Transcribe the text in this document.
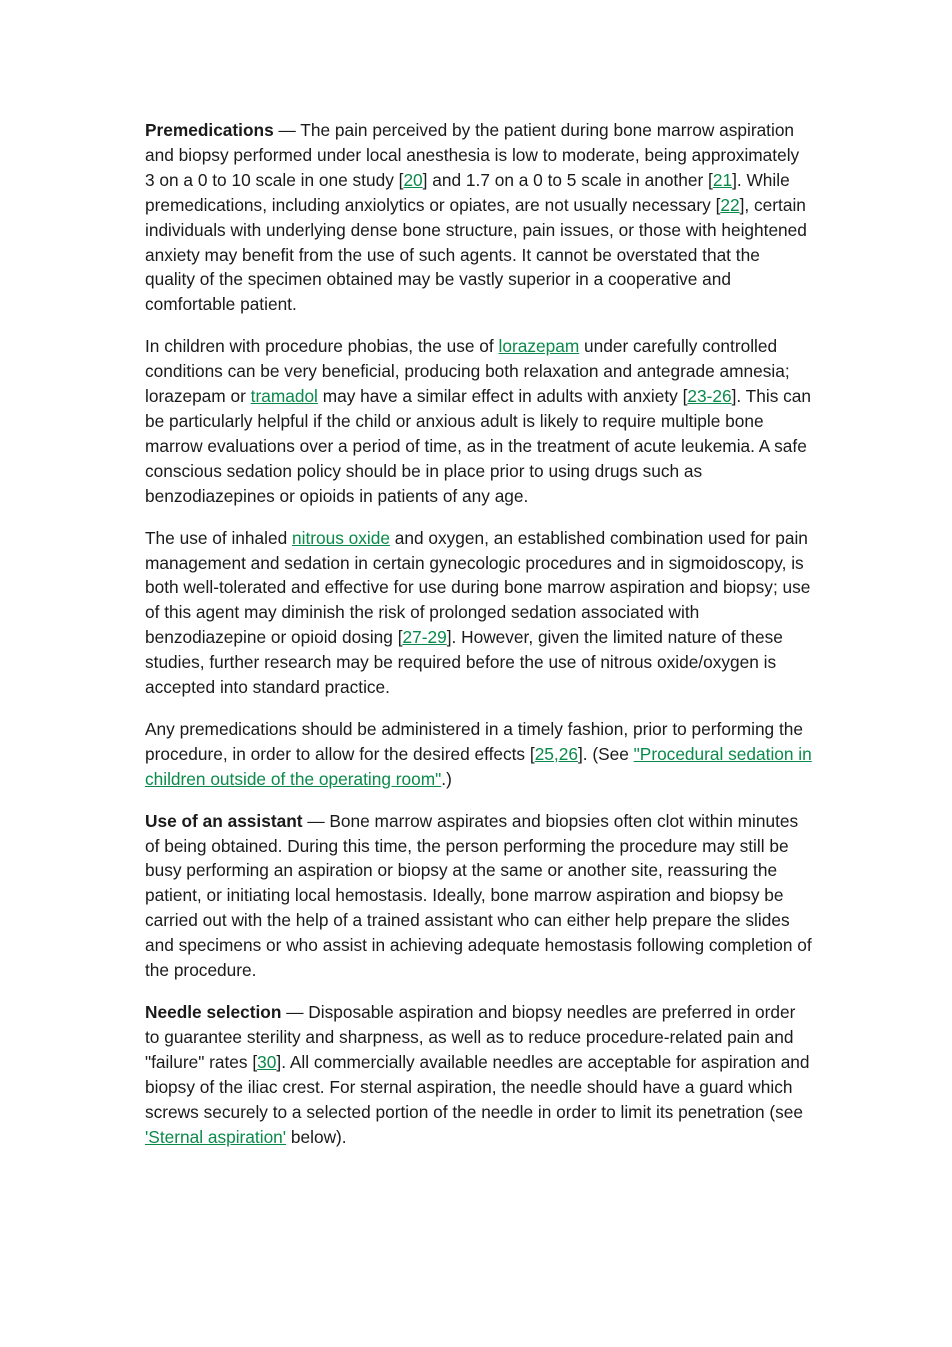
Premedications — The pain perceived by the patient during bone marrow aspiration and biopsy performed under local anesthesia is low to moderate, being approximately 3 on a 0 to 10 scale in one study [20] and 1.7 on a 0 to 5 scale in another [21]. While premedications, including anxiolytics or opiates, are not usually necessary [22], certain individuals with underlying dense bone structure, pain issues, or those with heightened anxiety may benefit from the use of such agents. It cannot be overstated that the quality of the specimen obtained may be vastly superior in a cooperative and comfortable patient.

In children with procedure phobias, the use of lorazepam under carefully controlled conditions can be very beneficial, producing both relaxation and antegrade amnesia; lorazepam or tramadol may have a similar effect in adults with anxiety [23-26]. This can be particularly helpful if the child or anxious adult is likely to require multiple bone marrow evaluations over a period of time, as in the treatment of acute leukemia. A safe conscious sedation policy should be in place prior to using drugs such as benzodiazepines or opioids in patients of any age.

The use of inhaled nitrous oxide and oxygen, an established combination used for pain management and sedation in certain gynecologic procedures and in sigmoidoscopy, is both well-tolerated and effective for use during bone marrow aspiration and biopsy; use of this agent may diminish the risk of prolonged sedation associated with benzodiazepine or opioid dosing [27-29]. However, given the limited nature of these studies, further research may be required before the use of nitrous oxide/oxygen is accepted into standard practice.

Any premedications should be administered in a timely fashion, prior to performing the procedure, in order to allow for the desired effects [25,26]. (See "Procedural sedation in children outside of the operating room".)

Use of an assistant — Bone marrow aspirates and biopsies often clot within minutes of being obtained. During this time, the person performing the procedure may still be busy performing an aspiration or biopsy at the same or another site, reassuring the patient, or initiating local hemostasis. Ideally, bone marrow aspiration and biopsy be carried out with the help of a trained assistant who can either help prepare the slides and specimens or who assist in achieving adequate hemostasis following completion of the procedure.

Needle selection — Disposable aspiration and biopsy needles are preferred in order to guarantee sterility and sharpness, as well as to reduce procedure-related pain and "failure" rates [30]. All commercially available needles are acceptable for aspiration and biopsy of the iliac crest. For sternal aspiration, the needle should have a guard which screws securely to a selected portion of the needle in order to limit its penetration (see 'Sternal aspiration' below).
